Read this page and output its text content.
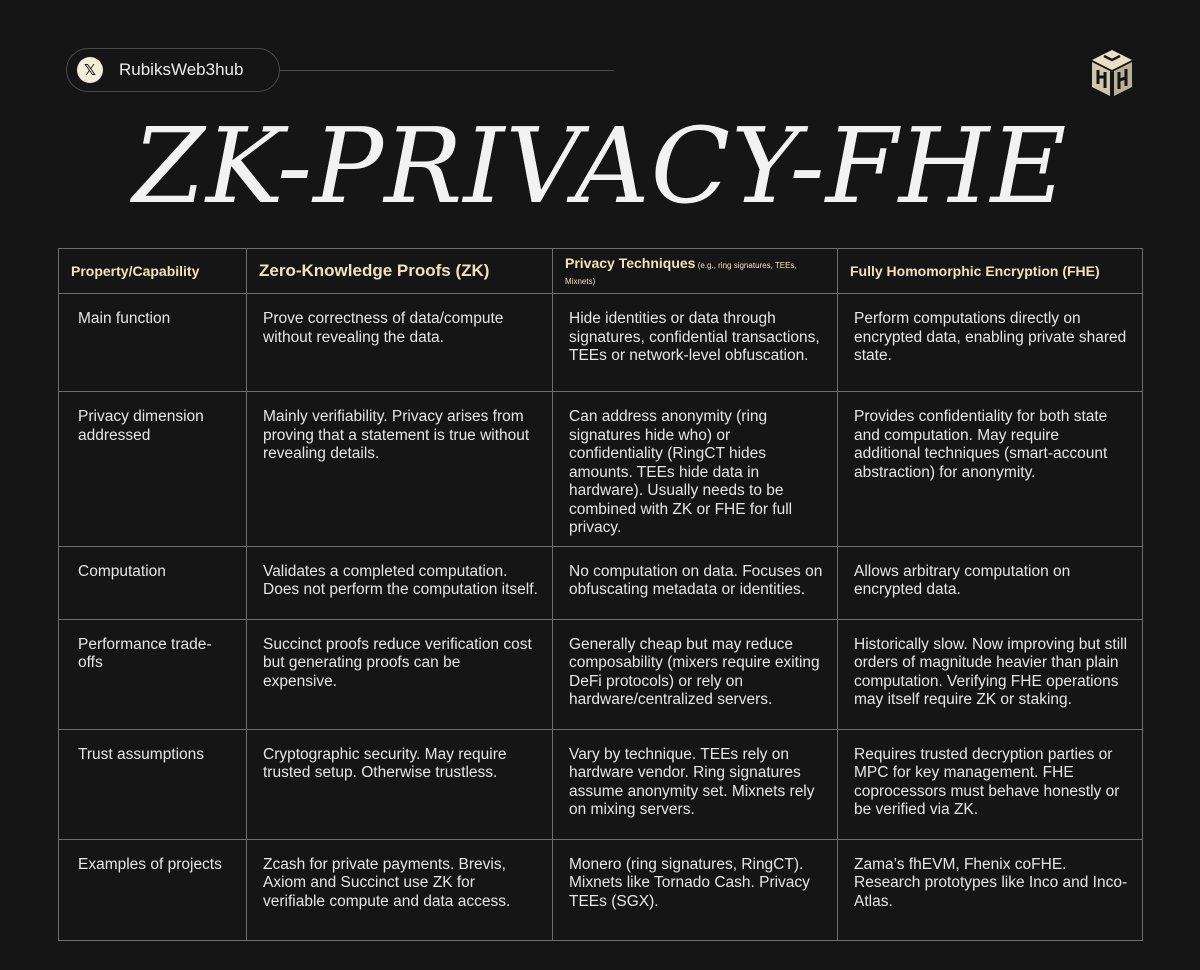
𝕏	RubiksWeb3hub
ZK-PRIVACY-FHE
Property/Capability	Zero-Knowledge Proofs (ZK)	Privacy Techniques (e.g., ring signatures, TEEs, Mixnets)	Fully Homomorphic Encryption (FHE)
Main function	Prove correctness of data/compute without revealing the data.	Hide identities or data through signatures, confidential transactions, TEEs or network-level obfuscation.	Perform computations directly on encrypted data, enabling private shared state.
Privacy dimension addressed	Mainly verifiability. Privacy arises from proving that a statement is true without revealing details.	Can address anonymity (ring signatures hide who) or confidentiality (RingCT hides amounts. TEEs hide data in hardware). Usually needs to be combined with ZK or FHE for full privacy.	Provides confidentiality for both state and computation. May require additional techniques (smart-account abstraction) for anonymity.
Computation	Validates a completed computation. Does not perform the computation itself.	No computation on data. Focuses on obfuscating metadata or identities.	Allows arbitrary computation on encrypted data.
Performance trade-offs	Succinct proofs reduce verification cost but generating proofs can be expensive.	Generally cheap but may reduce composability (mixers require exiting DeFi protocols) or rely on hardware/centralized servers.	Historically slow. Now improving but still orders of magnitude heavier than plain computation. Verifying FHE operations may itself require ZK or staking.
Trust assumptions	Cryptographic security. May require trusted setup. Otherwise trustless.	Vary by technique. TEEs rely on hardware vendor. Ring signatures assume anonymity set. Mixnets rely on mixing servers.	Requires trusted decryption parties or MPC for key management. FHE coprocessors must behave honestly or be verified via ZK.
Examples of projects	Zcash for private payments. Brevis, Axiom and Succinct use ZK for verifiable compute and data access.	Monero (ring signatures, RingCT). Mixnets like Tornado Cash. Privacy TEEs (SGX).	Zama’s fhEVM, Fhenix coFHE. Research prototypes like Inco and Inco-Atlas.
